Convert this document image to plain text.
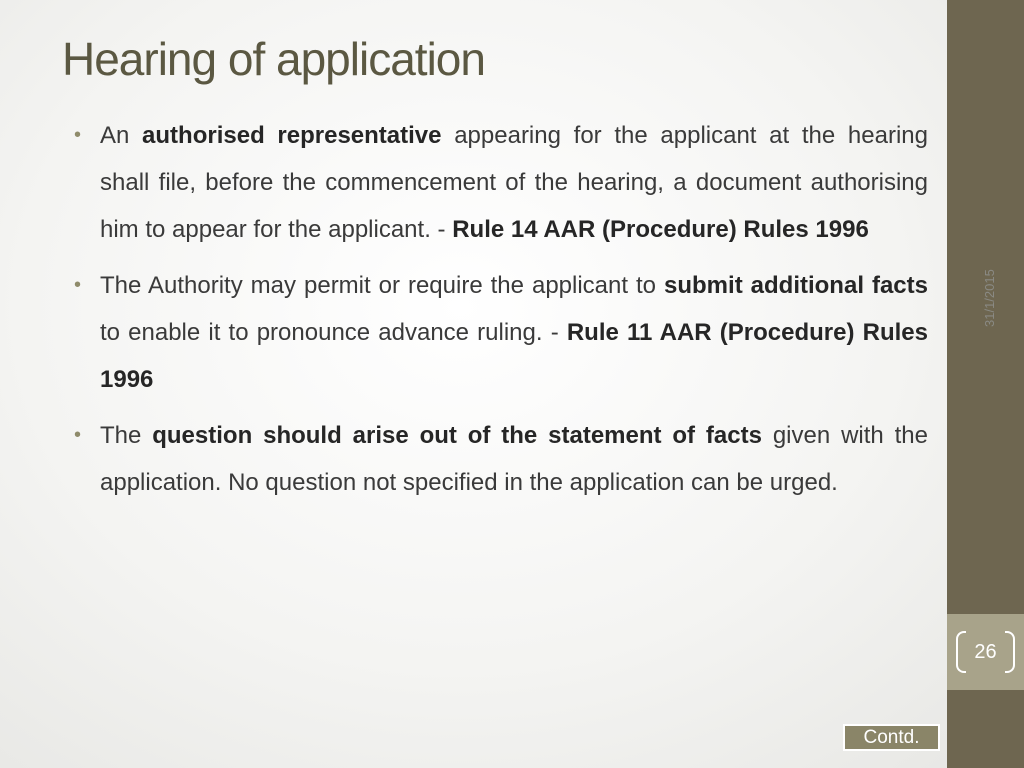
Hearing of application
• An authorised representative appearing for the applicant at the hearing shall file, before the commencement of the hearing, a document authorising him to appear for the applicant. - Rule 14 AAR (Procedure) Rules 1996
• The Authority may permit or require the applicant to submit additional facts to enable it to pronounce advance ruling. - Rule 11 AAR (Procedure) Rules 1996
• The question should arise out of the statement of facts given with the application. No question not specified in the application can be urged.
31/1/2015
26
Contd.
